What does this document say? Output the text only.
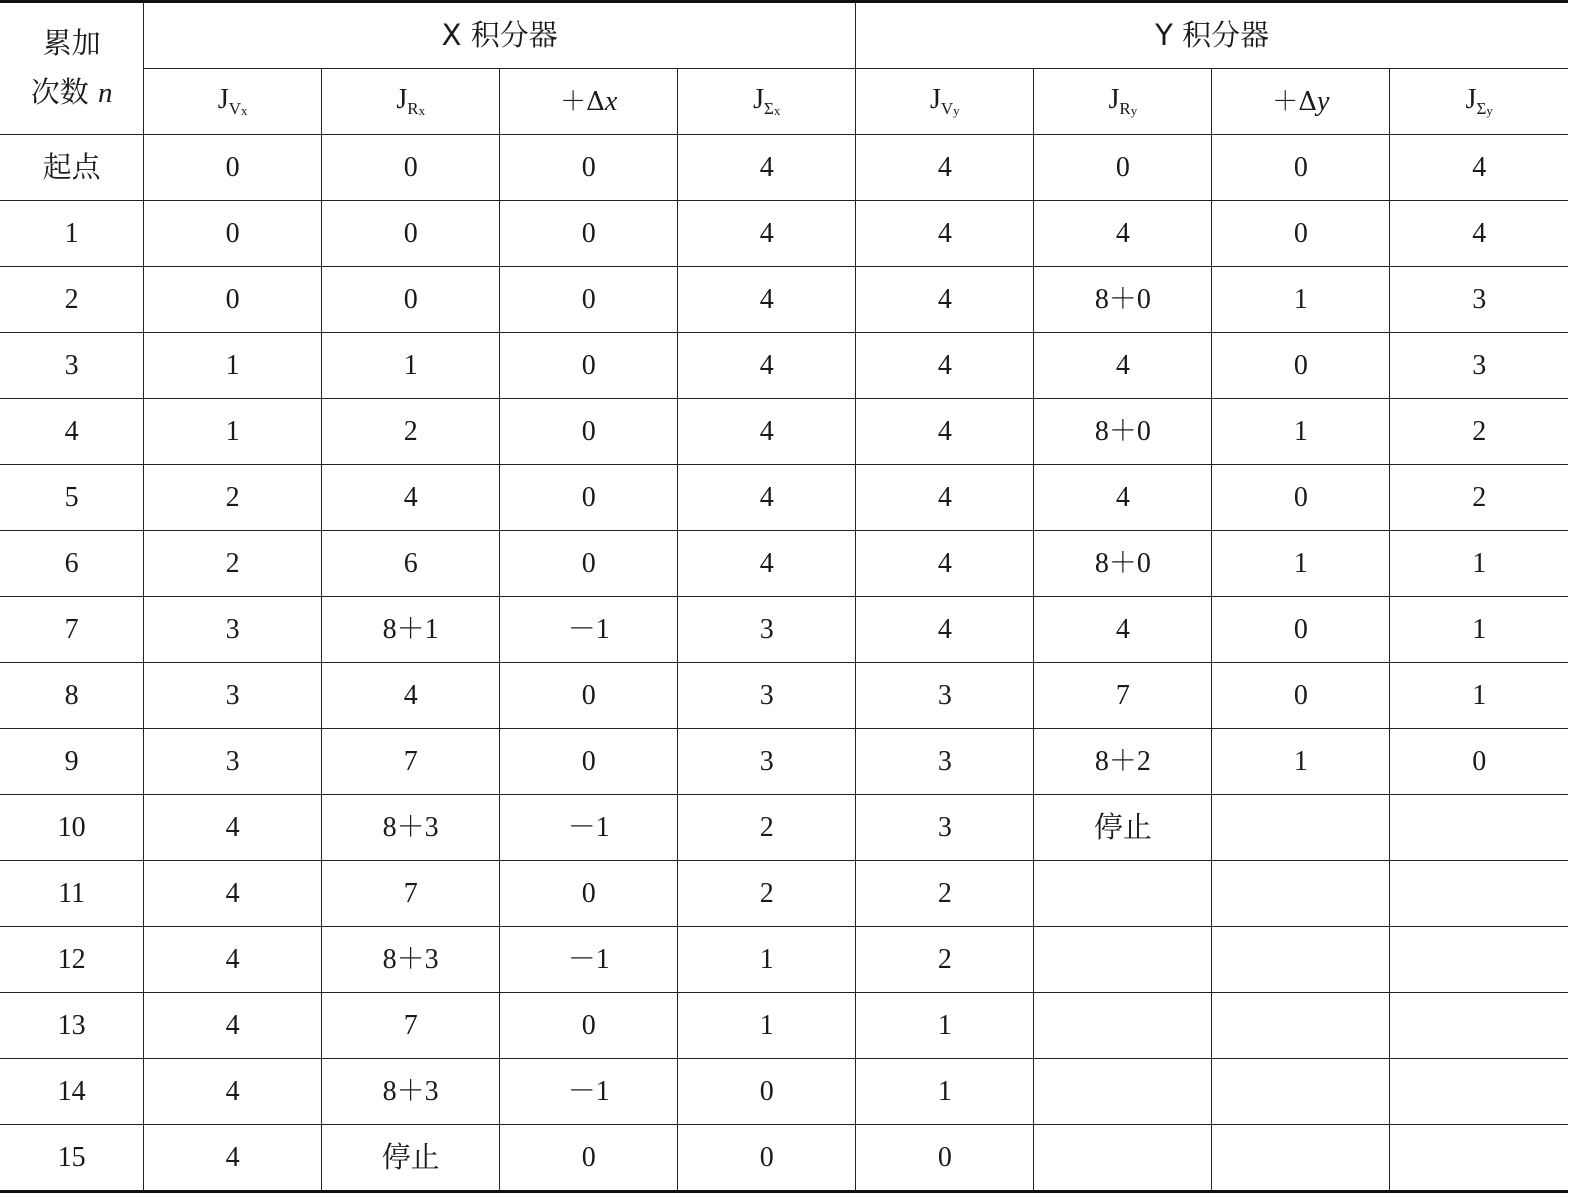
累加
次数 n	X 积分器				Y 积分器			
	$J_{Vx}$	$J_{Rx}$	＋Δx	$J_{\Sigma x}$	$J_{Vy}$	$J_{Ry}$	＋Δy	$J_{\Sigma y}$
起点	0	0	0	4	4	0	0	4
1	0	0	0	4	4	4	0	4
2	0	0	0	4	4	8＋0	1	3
3	1	1	0	4	4	4	0	3
4	1	2	0	4	4	8＋0	1	2
5	2	4	0	4	4	4	0	2
6	2	6	0	4	4	8＋0	1	1
7	3	8＋1	－1	3	4	4	0	1
8	3	4	0	3	3	7	0	1
9	3	7	0	3	3	8＋2	1	0
10	4	8＋3	－1	2	3	停止		
11	4	7	0	2	2			
12	4	8＋3	－1	1	2			
13	4	7	0	1	1			
14	4	8＋3	－1	0	1			
15	4	停止	0	0	0			
